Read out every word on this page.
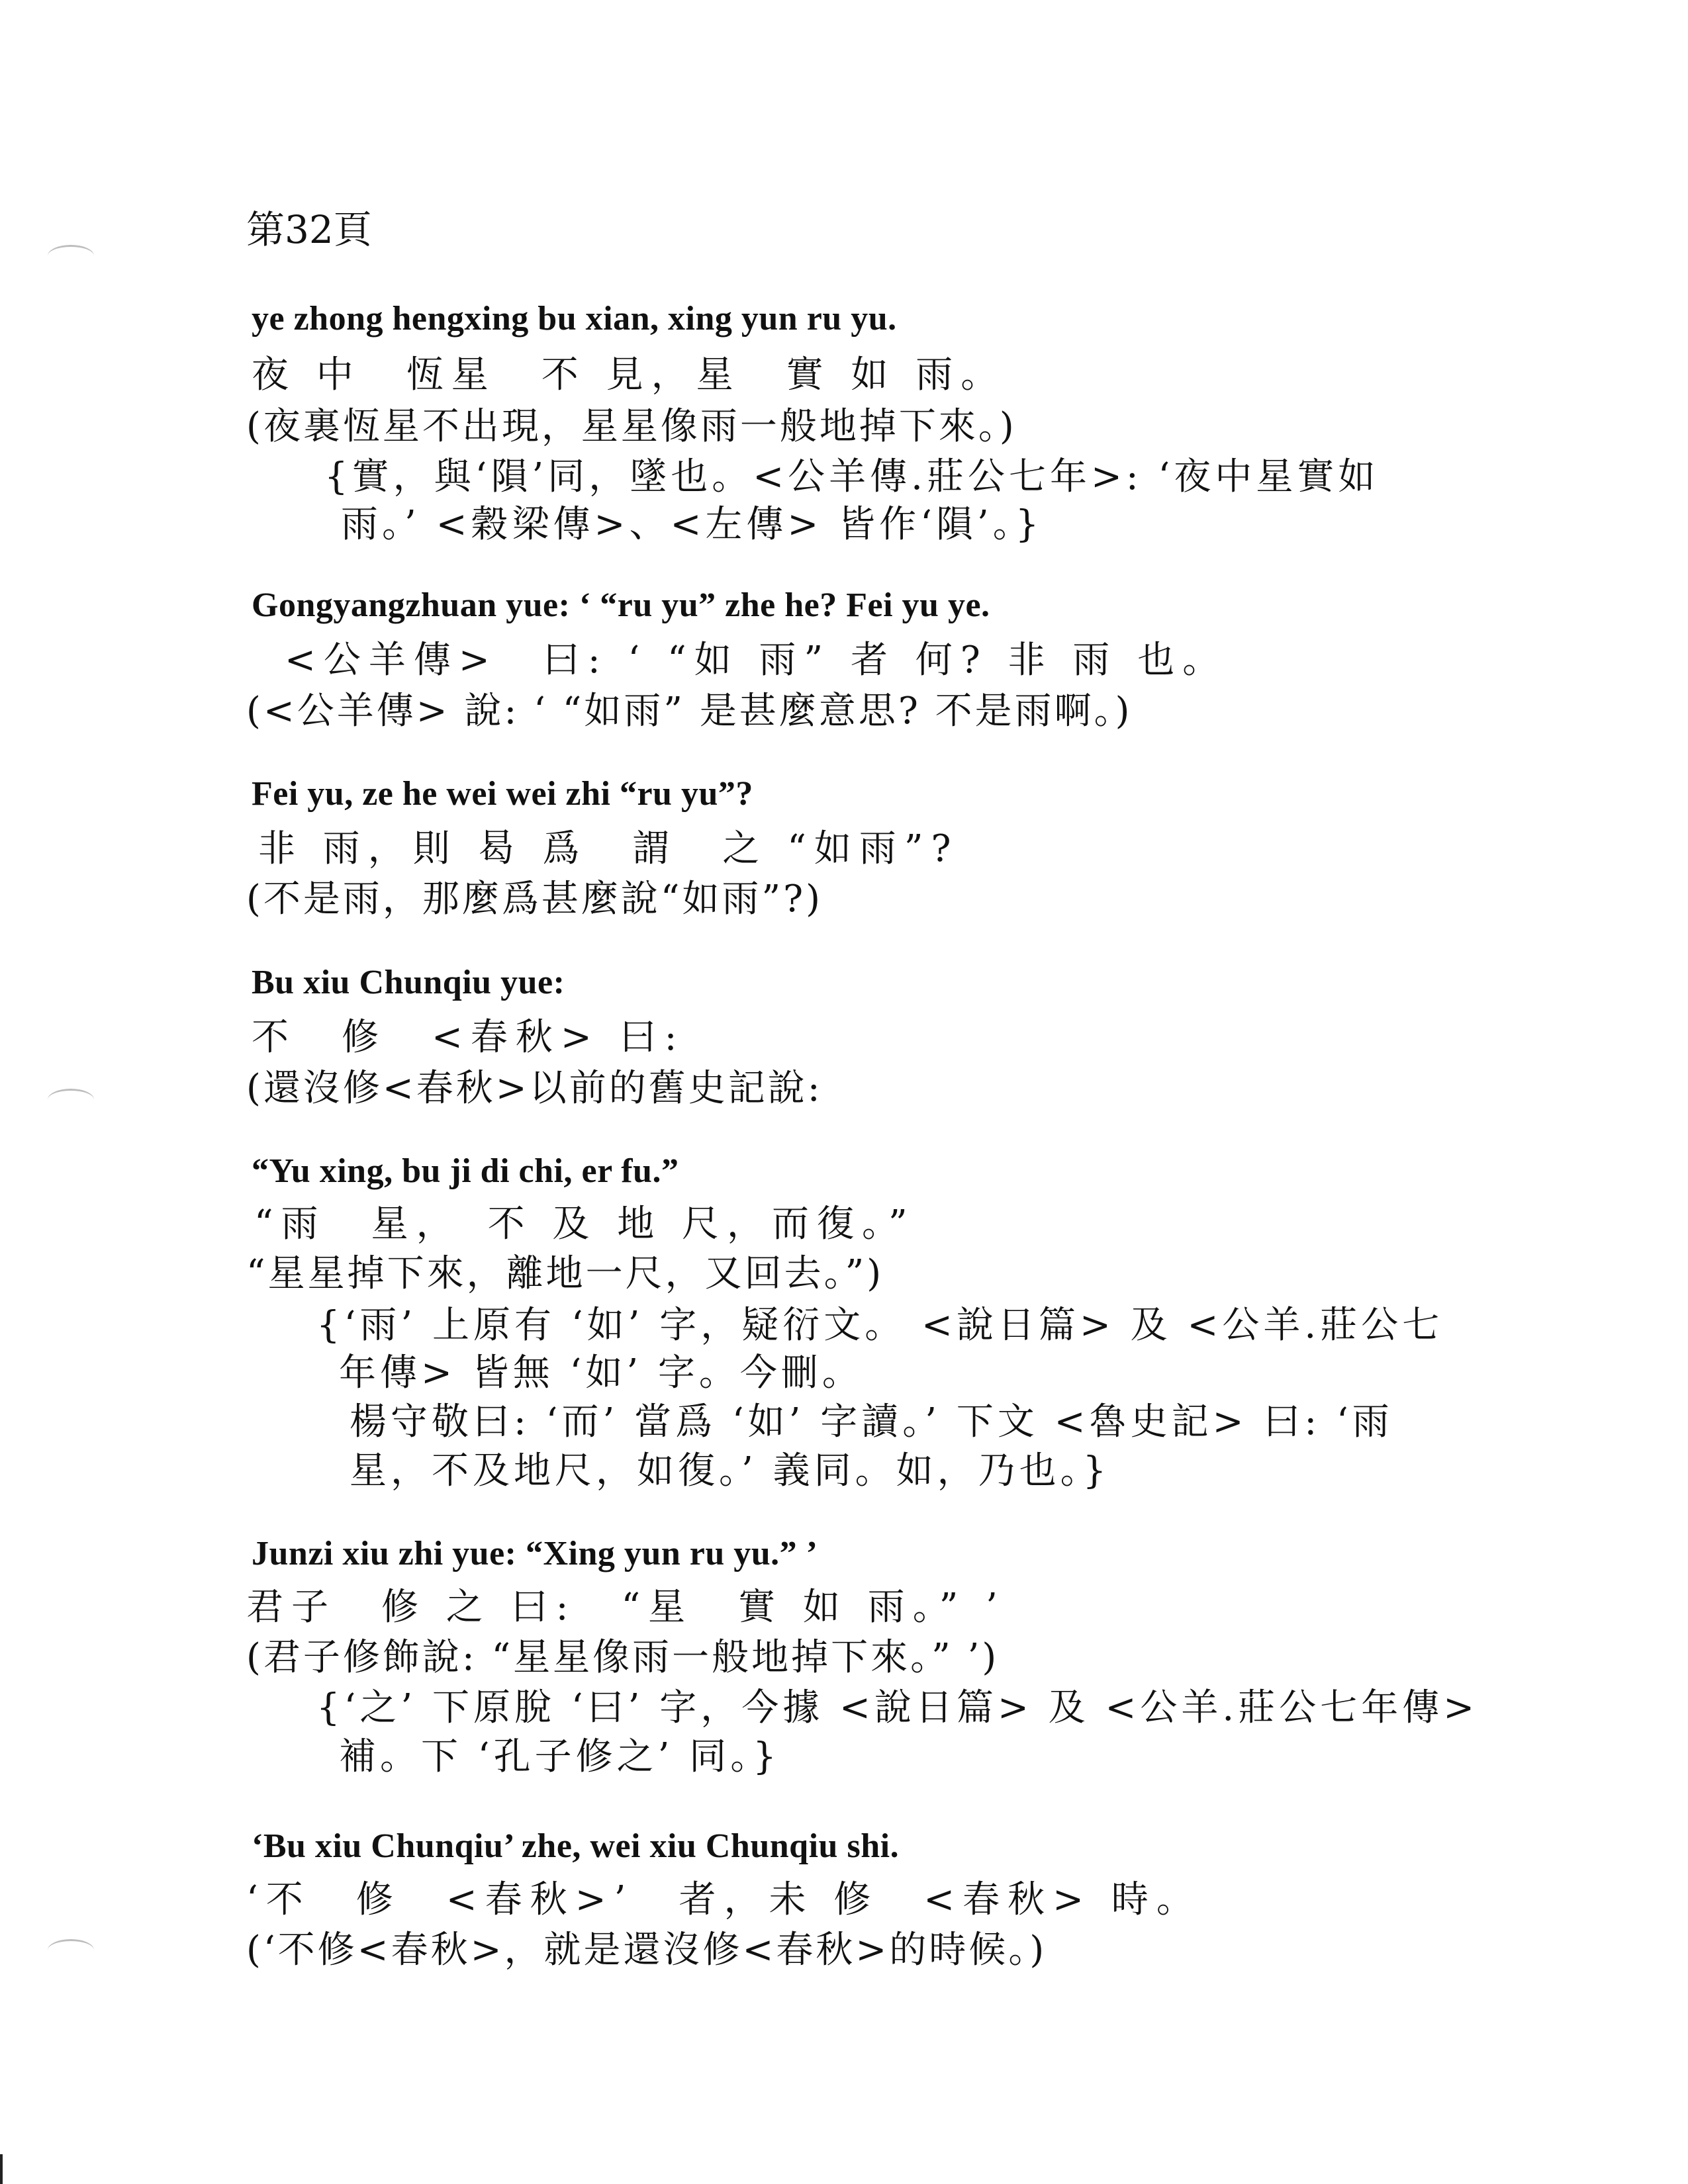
第32頁
ye zhong hengxing bu xian, xing yun ru yu.
夜 中　恆星　不 見，星　實 如 雨。
(夜裏恆星不出現，星星像雨一般地掉下來。)
{實，與‘隕’同，墜也。<公羊傳.莊公七年>: ‘夜中星實如
雨。’ <穀梁傳>、<左傳> 皆作‘隕’。}
Gongyangzhuan yue: ‘ “ru yu” zhe he? Fei yu ye.
<公羊傳>　曰: ‘ “如 雨” 者 何? 非 雨 也。
(<公羊傳> 說: ‘ “如雨” 是甚麼意思? 不是雨啊。)
Fei yu, ze he wei wei zhi “ru yu”?
非 雨，則 曷 爲　謂　之 “如雨”?
(不是雨，那麼爲甚麼說“如雨”?)
Bu xiu Chunqiu yue:
不　修　<春秋> 曰:
(還沒修<春秋>以前的舊史記說:
“Yu xing, bu ji di chi, er fu.”
“雨　星，　不 及 地 尺，而復。”
“星星掉下來，離地一尺，又回去。”)
{‘雨’ 上原有 ‘如’ 字，疑衍文。 <說日篇> 及 <公羊.莊公七
年傳> 皆無 ‘如’ 字。今刪。
楊守敬曰: ‘而’ 當爲 ‘如’ 字讀。’ 下文 <魯史記> 曰: ‘雨
星，不及地尺，如復。’ 義同。如，乃也。}
Junzi xiu zhi yue: “Xing yun ru yu.” ’
君子　修 之 曰:　“星　實 如 雨。” ’
(君子修飾說: “星星像雨一般地掉下來。” ’)
{‘之’ 下原脫 ‘曰’ 字，今據 <說日篇> 及 <公羊.莊公七年傳>
補。下 ‘孔子修之’ 同。}
‘Bu xiu Chunqiu’ zhe, wei xiu Chunqiu shi.
‘不　修　<春秋>’　者，未 修　<春秋> 時。
(‘不修<春秋>，就是還沒修<春秋>的時候。)
